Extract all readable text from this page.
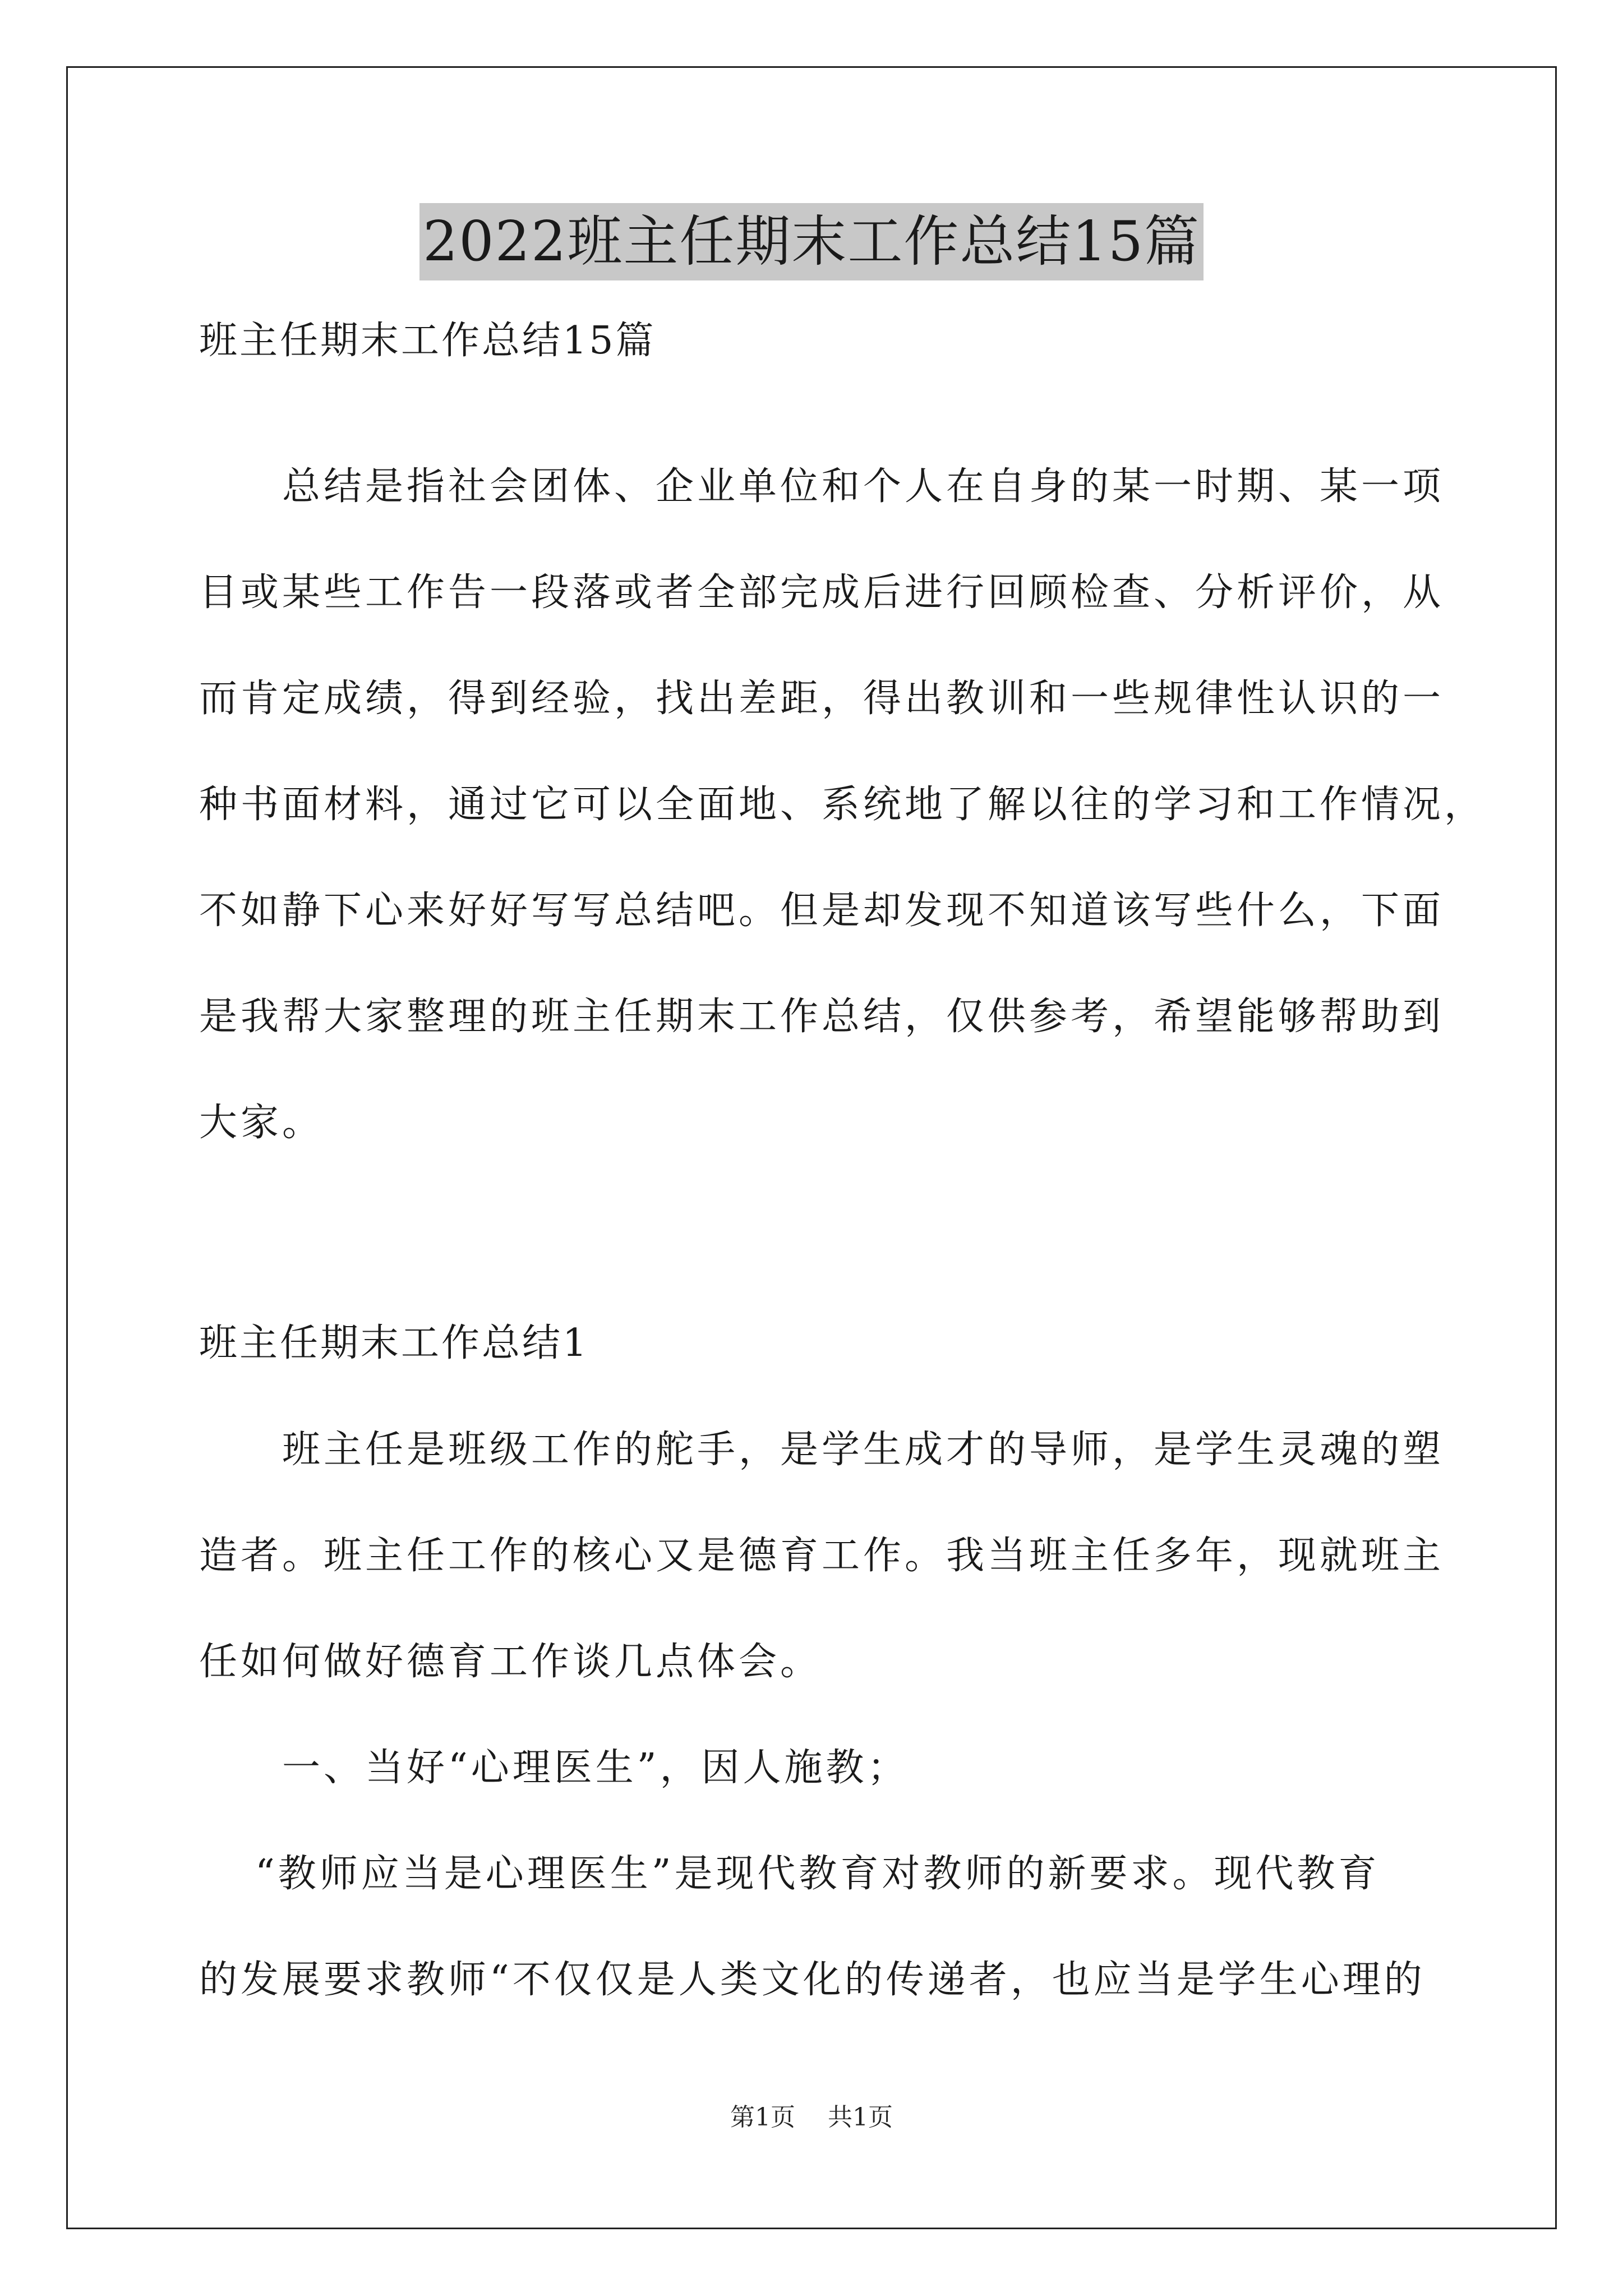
2022班主任期末工作总结15篇
班主任期末工作总结15篇
总结是指社会团体、企业单位和个人在自身的某一时期、某一项
目或某些工作告一段落或者全部完成后进行回顾检查、分析评价，从
而肯定成绩，得到经验，找出差距，得出教训和一些规律性认识的一
种书面材料，通过它可以全面地、系统地了解以往的学习和工作情况，
不如静下心来好好写写总结吧。但是却发现不知道该写些什么，下面
是我帮大家整理的班主任期末工作总结，仅供参考，希望能够帮助到
大家。
班主任期末工作总结1
班主任是班级工作的舵手，是学生成才的导师，是学生灵魂的塑
造者。班主任工作的核心又是德育工作。我当班主任多年，现就班主
任如何做好德育工作谈几点体会。
一、当好“心理医生”，因人施教；
“教师应当是心理医生”是现代教育对教师的新要求。现代教育
的发展要求教师“不仅仅是人类文化的传递者，也应当是学生心理的
第1页 共1页
